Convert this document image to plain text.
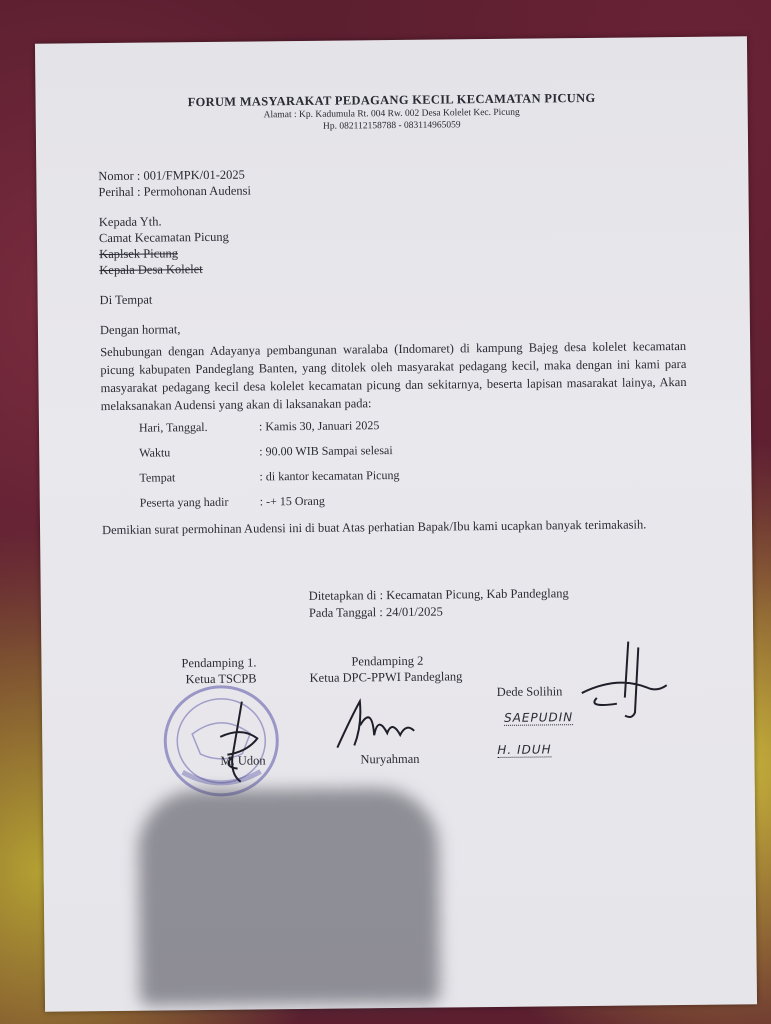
FORUM MASYARAKAT PEDAGANG KECIL KECAMATAN PICUNG
Alamat : Kp. Kadumula Rt. 004 Rw. 002 Desa Kolelet Kec. Picung
Hp. 082112158788 - 083114965059
Nomor : 001/FMPK/01-2025
Perihal : Permohonan Audensi
Kepada Yth.
Camat Kecamatan Picung
Kaplsek Picung
Kepala Desa Kolelet
Di Tempat
Dengan hormat,
Sehubungan dengan Adayanya pembangunan waralaba (Indomaret) di kampung Bajeg desa kolelet kecamatan picung kabupaten Pandeglang Banten, yang ditolek oleh masyarakat pedagang kecil, maka dengan ini kami para masyarakat pedagang kecil desa kolelet kecamatan picung dan sekitarnya, beserta lapisan masarakat lainya, Akan melaksanakan Audensi yang akan di laksanakan pada:
Hari, Tanggal.	: Kamis 30, Januari 2025
Waktu	: 90.00 WIB Sampai selesai
Tempat	: di kantor kecamatan Picung
Peserta yang hadir	: -+ 15 Orang
Demikian surat permohinan Audensi ini di buat Atas perhatian Bapak/Ibu kami ucapkan banyak terimakasih.
Ditetapkan di : Kecamatan Picung, Kab Pandeglang
Pada Tanggal : 24/01/2025
Pendamping 1.
Ketua TSCPB
M. Udon
Pendamping 2
Ketua DPC-PPWI Pandeglang
Nuryahman
Dede Solihin
SAEPUDIN
H. IDUH
